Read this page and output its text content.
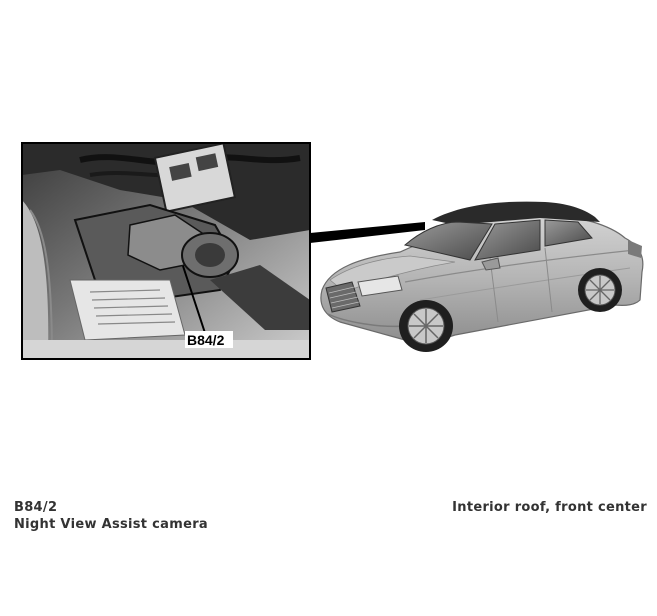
B84/2
B84/2
Night View Assist camera
Interior roof, front center
